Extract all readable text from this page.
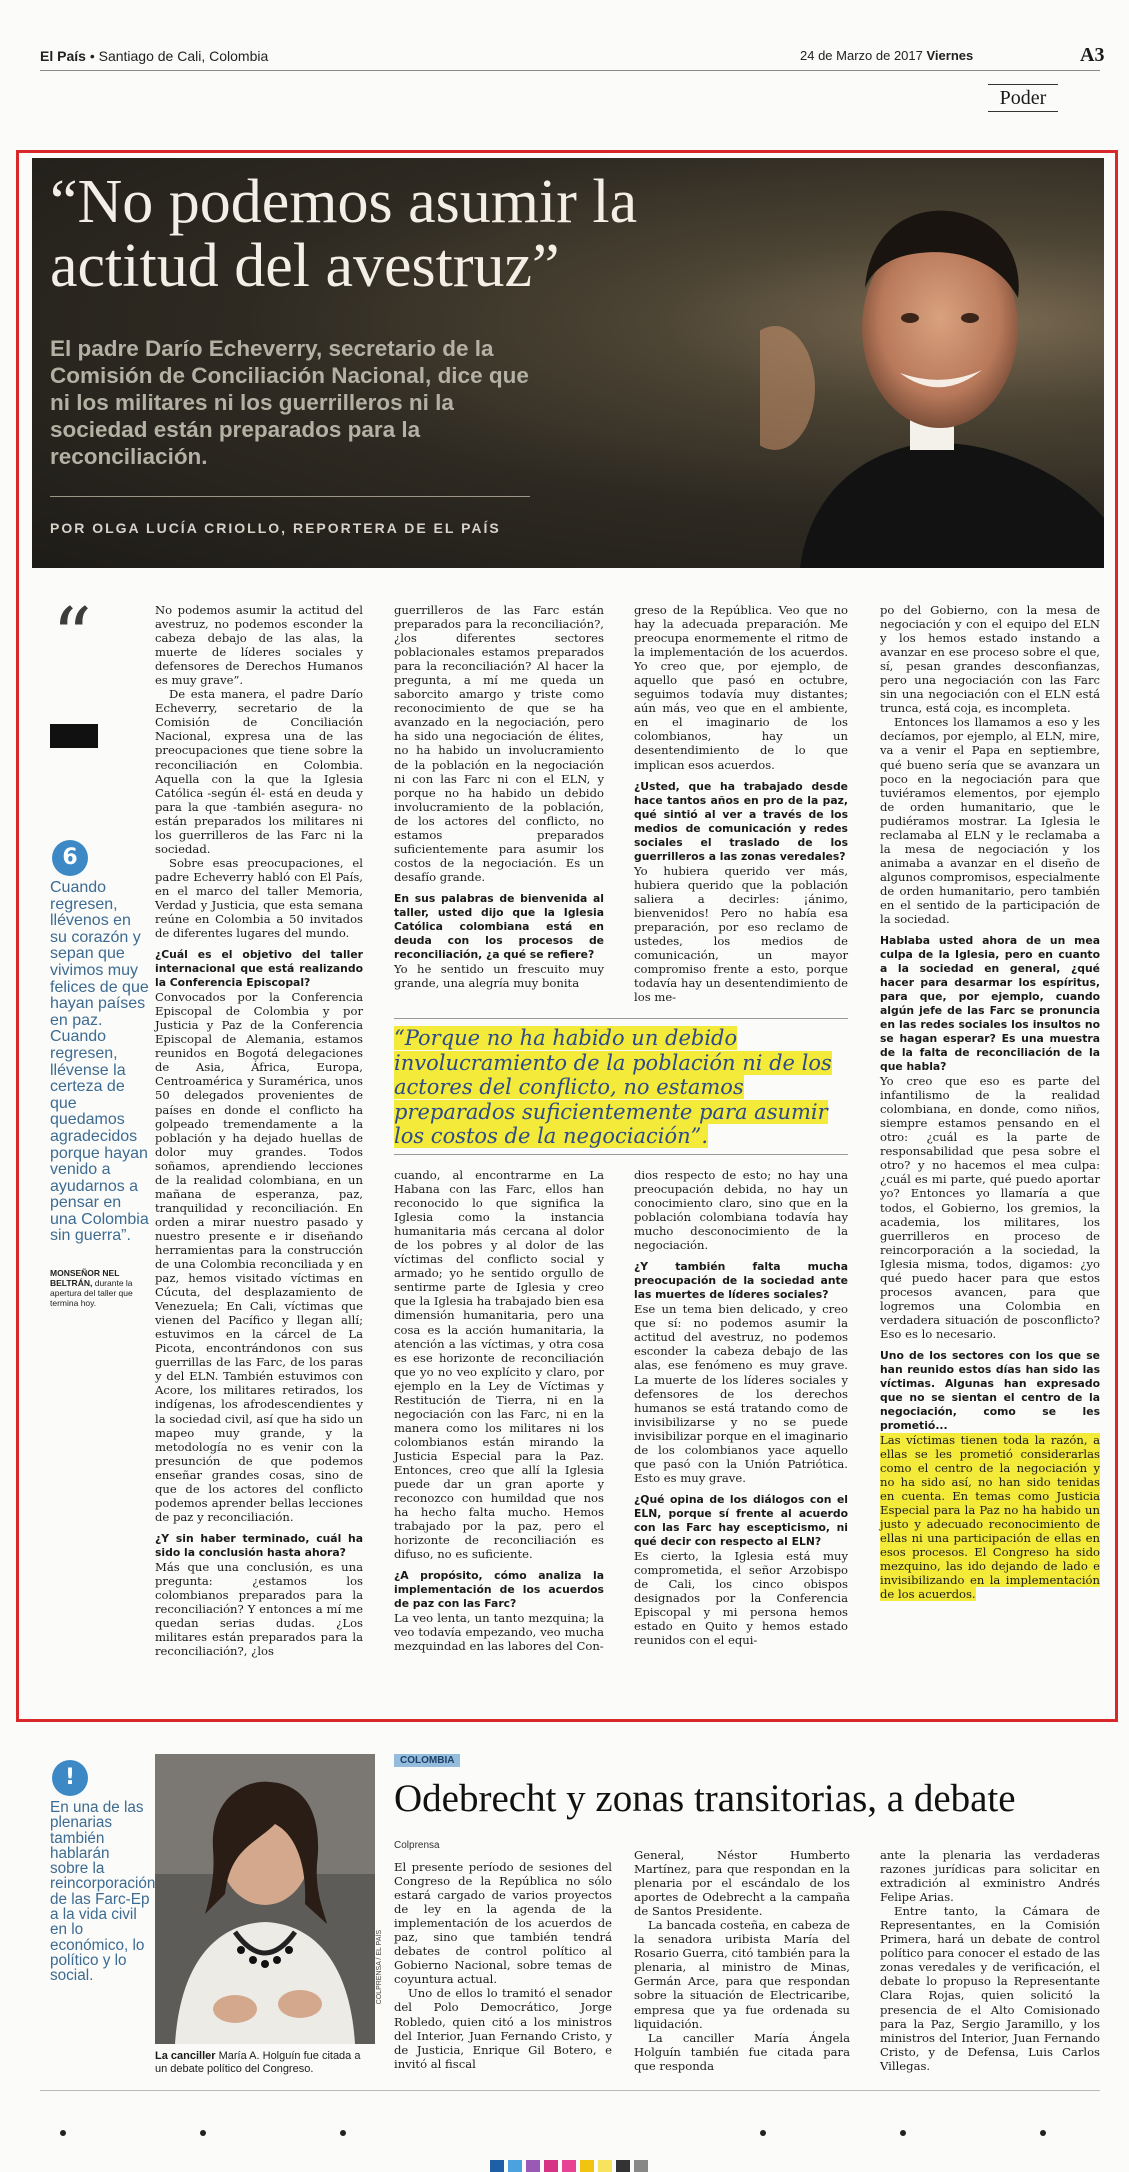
El País • Santiago de Cali, Colombia	24 de Marzo de 2017 Viernes	A3
Poder
“No podemos asumir la actitud del avestruz”
El padre Darío Echeverry, secretario de la Comisión de Conciliación Nacional, dice que ni los militares ni los guerrilleros ni la sociedad están preparados para la reconciliación.
POR OLGA LUCÍA CRIOLLO, REPORTERA DE EL PAÍS
“
6
Cuando regresen, llévenos en su corazón y sepan que vivimos muy felices de que hayan países en paz. Cuando regresen, llévense la certeza de que quedamos agradecidos porque hayan venido a ayudarnos a pensar en una Colombia sin guerra”.
MONSEÑOR NEL BELTRÁN, durante la apertura del taller que termina hoy.

No podemos asumir la actitud del avestruz, no podemos esconder la cabeza debajo de las alas, la muerte de líderes sociales y defensores de Derechos Humanos es muy grave”.

De esta manera, el padre Darío Echeverry, secretario de la Comisión de Conciliación Nacional, expresa una de las preocupaciones que tiene sobre la reconciliación en Colombia. Aquella con la que la Iglesia Católica -según él- está en deuda y para la que -también asegura- no están preparados los militares ni los guerrilleros de las Farc ni la sociedad.

Sobre esas preocupaciones, el padre Echeverry habló con El País, en el marco del taller Memoria, Verdad y Justicia, que esta semana reúne en Colombia a 50 invitados de diferentes lugares del mundo.

¿Cuál es el objetivo del taller internacional que está realizando la Conferencia Episcopal?

Convocados por la Conferencia Episcopal de Colombia y por Justicia y Paz de la Conferencia Episcopal de Alemania, estamos reunidos en Bogotá delegaciones de Asia, África, Europa, Centroamérica y Suramérica, unos 50 delegados provenientes de países en donde el conflicto ha golpeado tremendamente a la población y ha dejado huellas de dolor muy grandes. Todos soñamos, aprendiendo lecciones de la realidad colombiana, en un mañana de esperanza, paz, tranquilidad y reconciliación. En orden a mirar nuestro pasado y nuestro presente e ir diseñando herramientas para la construcción de una Colombia reconciliada y en paz, hemos visitado víctimas en Cúcuta, del desplazamiento de Venezuela; En Cali, víctimas que vienen del Pacífico y llegan allí; estuvimos en la cárcel de La Picota, encontrándonos con sus guerrillas de las Farc, de los paras y del ELN. También estuvimos con Acore, los militares retirados, los indígenas, los afrodescendientes y la sociedad civil, así que ha sido un mapeo muy grande, y la metodología no es venir con la presunción de que podemos enseñar grandes cosas, sino de que de los actores del conflicto podemos aprender bellas lecciones de paz y reconciliación.

¿Y sin haber terminado, cuál ha sido la conclusión hasta ahora?

Más que una conclusión, es una pregunta: ¿estamos los colombianos preparados para la reconciliación? Y entonces a mí me quedan serias dudas. ¿Los militares están preparados para la reconciliación?, ¿los

guerrilleros de las Farc están preparados para la reconciliación?, ¿los diferentes sectores poblacionales estamos preparados para la reconciliación? Al hacer la pregunta, a mí me queda un saborcito amargo y triste como reconocimiento de que se ha avanzado en la negociación, pero ha sido una negociación de élites, no ha habido un involucramiento de la población en la negociación ni con las Farc ni con el ELN, y porque no ha habido un debido involucramiento de la población, de los actores del conflicto, no estamos preparados suficientemente para asumir los costos de la negociación. Es un desafío grande.

En sus palabras de bienvenida al taller, usted dijo que la Iglesia Católica colombiana está en deuda con los procesos de reconciliación, ¿a qué se refiere?

Yo he sentido un frescuito muy grande, una alegría muy bonita

greso de la República. Veo que no hay la adecuada preparación. Me preocupa enormemente el ritmo de la implementación de los acuerdos. Yo creo que, por ejemplo, de aquello que pasó en octubre, seguimos todavía muy distantes; aún más, veo que en el ambiente, en el imaginario de los colombianos, hay un desentendimiento de lo que implican esos acuerdos.

¿Usted, que ha trabajado desde hace tantos años en pro de la paz, qué sintió al ver a través de los medios de comunicación y redes sociales el traslado de los guerrilleros a las zonas veredales?

Yo hubiera querido ver más, hubiera querido que la población saliera a decirles: ¡ánimo, bienvenidos! Pero no había esa preparación, por eso reclamo de ustedes, los medios de comunicación, un mayor compromiso frente a esto, porque todavía hay un desentendimiento de los me-

“Porque no ha habido un debido involucramiento de la población ni de los actores del conflicto, no estamos preparados suficientemente para asumir los costos de la negociación”.

cuando, al encontrarme en La Habana con las Farc, ellos han reconocido lo que significa la Iglesia como la instancia humanitaria más cercana al dolor de los pobres y al dolor de las víctimas del conflicto social y armado; yo he sentido orgullo de sentirme parte de Iglesia y creo que la Iglesia ha trabajado bien esa dimensión humanitaria, pero una cosa es la acción humanitaria, la atención a las víctimas, y otra cosa es ese horizonte de reconciliación que yo no veo explícito y claro, por ejemplo en la Ley de Víctimas y Restitución de Tierra, ni en la negociación con las Farc, ni en la manera como los militares ni los colombianos están mirando la Justicia Especial para la Paz. Entonces, creo que allí la Iglesia puede dar un gran aporte y reconozco con humildad que nos ha hecho falta mucho. Hemos trabajado por la paz, pero el horizonte de reconciliación es difuso, no es suficiente.

¿A propósito, cómo analiza la implementación de los acuerdos de paz con las Farc?

La veo lenta, un tanto mezquina; la veo todavía empezando, veo mucha mezquindad en las labores del Con-

dios respecto de esto; no hay una preocupación debida, no hay un conocimiento claro, sino que en la población colombiana todavía hay mucho desconocimiento de la negociación.

¿Y también falta mucha preocupación de la sociedad ante las muertes de líderes sociales?

Ese un tema bien delicado, y creo que sí: no podemos asumir la actitud del avestruz, no podemos esconder la cabeza debajo de las alas, ese fenómeno es muy grave. La muerte de los líderes sociales y defensores de los derechos humanos se está tratando como de invisibilizarse y no se puede invisibilizar porque en el imaginario de los colombianos yace aquello que pasó con la Unión Patriótica. Esto es muy grave.

¿Qué opina de los diálogos con el ELN, porque sí frente al acuerdo con las Farc hay escepticismo, ni qué decir con respecto al ELN?

Es cierto, la Iglesia está muy comprometida, el señor Arzobispo de Cali, los cinco obispos designados por la Conferencia Episcopal y mi persona hemos estado en Quito y hemos estado reunidos con el equi-

po del Gobierno, con la mesa de negociación y con el equipo del ELN y los hemos estado instando a avanzar en ese proceso sobre el que, sí, pesan grandes desconfianzas, pero una negociación con las Farc sin una negociación con el ELN está trunca, está coja, es incompleta.

Entonces los llamamos a eso y les decíamos, por ejemplo, al ELN, mire, va a venir el Papa en septiembre, qué bueno sería que se avanzara un poco en la negociación para que tuviéramos elementos, por ejemplo de orden humanitario, que le pudiéramos mostrar. La Iglesia le reclamaba al ELN y le reclamaba a la mesa de negociación y los animaba a avanzar en el diseño de algunos compromisos, especialmente de orden humanitario, pero también en el sentido de la participación de la sociedad.

Hablaba usted ahora de un mea culpa de la Iglesia, pero en cuanto a la sociedad en general, ¿qué hacer para desarmar los espíritus, para que, por ejemplo, cuando algún jefe de las Farc se pronuncia en las redes sociales los insultos no se hagan esperar? Es una muestra de la falta de reconciliación de la que habla?

Yo creo que eso es parte del infantilismo de la realidad colombiana, en donde, como niños, siempre estamos pensando en el otro: ¿cuál es la parte de responsabilidad que pesa sobre el otro? y no hacemos el mea culpa: ¿cuál es mi parte, qué puedo aportar yo? Entonces yo llamaría a que todos, el Gobierno, los gremios, la academia, los militares, los guerrilleros en proceso de reincorporación a la sociedad, la Iglesia misma, todos, digamos: ¿yo qué puedo hacer para que estos procesos avancen, para que logremos una Colombia en verdadera situación de posconflicto? Eso es lo necesario.

Uno de los sectores con los que se han reunido estos días han sido las víctimas. Algunas han expresado que no se sientan el centro de la negociación, como se les prometió...

Las víctimas tienen toda la razón, a ellas se les prometió considerarlas como el centro de la negociación y no ha sido así, no han sido tenidas en cuenta. En temas como Justicia Especial para la Paz no ha habido un justo y adecuado reconocimiento de ellas ni una participación de ellas en esos procesos. El Congreso ha sido mezquino, las ido dejando de lado e invisibilizando en la implementación de los acuerdos.

!
En una de las plenarias también hablarán sobre la reincorporación de las Farc-Ep a la vida civil en lo económico, lo político y lo social.	COLPRENSA / EL PAÍS
La canciller María A. Holguín fue citada a un debate político del Congreso.
COLOMBIA
Odebrecht y zonas transitorias, a debate
Colprensa

El presente período de sesiones del Congreso de la República no sólo estará cargado de varios proyectos de ley en la agenda de la implementación de los acuerdos de paz, sino que también tendrá debates de control político al Gobierno Nacional, sobre temas de coyuntura actual.

Uno de ellos lo tramitó el senador del Polo Democrático, Jorge Robledo, quien citó a los ministros del Interior, Juan Fernando Cristo, y de Justicia, Enrique Gil Botero, e invitó al fiscal

General, Néstor Humberto Martínez, para que respondan en la plenaria por el escándalo de los aportes de Odebrecht a la campaña de Santos Presidente.

La bancada costeña, en cabeza de la senadora uribista María del Rosario Guerra, citó también para la plenaria, al ministro de Minas, Germán Arce, para que respondan sobre la situación de Electricaribe, empresa que ya fue ordenada su liquidación.

La canciller María Ángela Holguín también fue citada para que responda

ante la plenaria las verdaderas razones jurídicas para solicitar en extradición al exministro Andrés Felipe Arias.

Entre tanto, la Cámara de Representantes, en la Comisión Primera, hará un debate de control político para conocer el estado de las zonas veredales y de verificación, el debate lo propuso la Representante Clara Rojas, quien solicitó la presencia de el Alto Comisionado para la Paz, Sergio Jaramillo, y los ministros del Interior, Juan Fernando Cristo, y de Defensa, Luis Carlos Villegas.
